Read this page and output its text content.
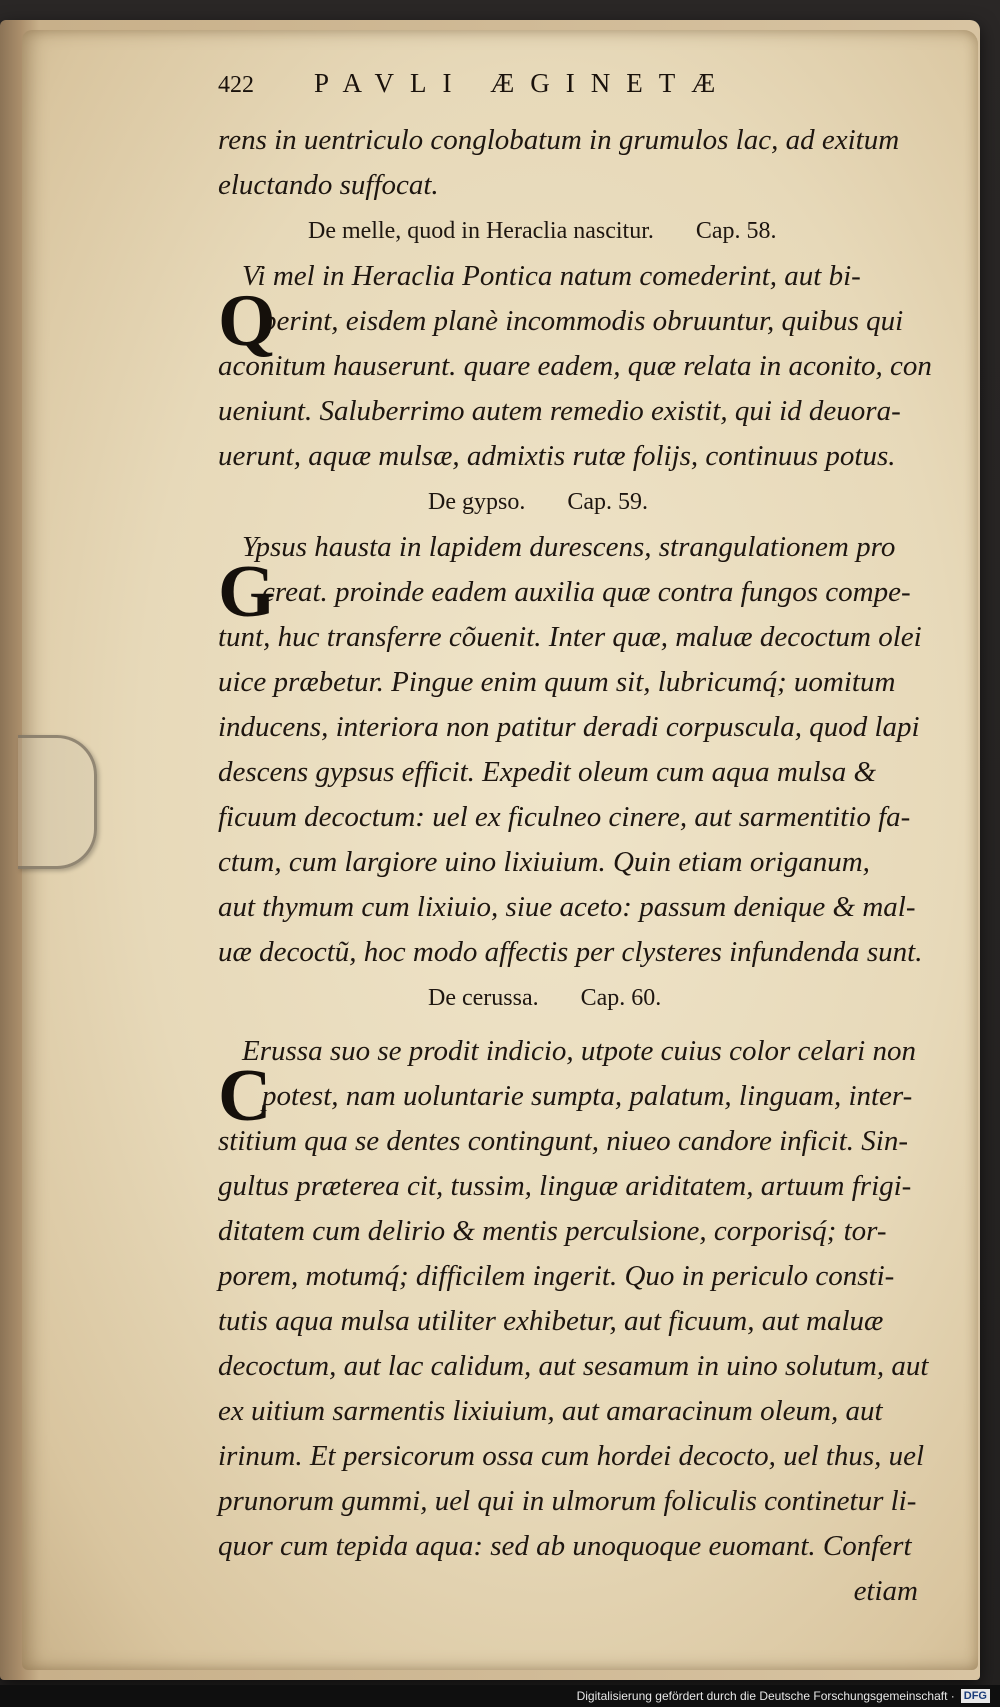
422	PAVLI ÆGINETÆ
rens in uentriculo conglobatum in grumulos lac, ad exitum
eluctando suffocat.
De melle, quod in Heraclia nascitur. Cap. 58.
Q
Vi mel in Heraclia Pontica natum comederint, aut bi-
berint, eisdem planè incommodis obruuntur, quibus qui
aconitum hauserunt. quare eadem, quæ relata in aconito, con
ueniunt. Saluberrimo autem remedio existit, qui id deuora-
uerunt, aquæ mulsæ, admixtis rutæ folijs, continuus potus.
De gypso. Cap. 59.
G
Ypsus hausta in lapidem durescens, strangulationem pro
creat. proinde eadem auxilia quæ contra fungos compe-
tunt, huc transferre cõuenit. Inter quæ, maluæ decoctum olei
uice præbetur. Pingue enim quum sit, lubricumq́; uomitum
inducens, interiora non patitur deradi corpuscula, quod lapi
descens gypsus efficit. Expedit oleum cum aqua mulsa &
ficuum decoctum: uel ex ficulneo cinere, aut sarmentitio fa-
ctum, cum largiore uino lixiuium. Quin etiam origanum,
aut thymum cum lixiuio, siue aceto: passum denique & mal-
uæ decoctũ, hoc modo affectis per clysteres infundenda sunt.
De cerussa. Cap. 60.
C
Erussa suo se prodit indicio, utpote cuius color celari non
potest, nam uoluntarie sumpta, palatum, linguam, inter-
stitium qua se dentes contingunt, niueo candore inficit. Sin-
gultus præterea cit, tussim, linguæ ariditatem, artuum frigi-
ditatem cum delirio & mentis perculsione, corporisq́; tor-
porem, motumq́; difficilem ingerit. Quo in periculo consti-
tutis aqua mulsa utiliter exhibetur, aut ficuum, aut maluæ
decoctum, aut lac calidum, aut sesamum in uino solutum, aut
ex uitium sarmentis lixiuium, aut amaracinum oleum, aut
irinum. Et persicorum ossa cum hordei decocto, uel thus, uel
prunorum gummi, uel qui in ulmorum foliculis continetur li-
quor cum tepida aqua: sed ab unoquoque euomant. Confert
etiam
Digitalisierung gefördert durch die Deutsche Forschungsgemeinschaft · DFG
